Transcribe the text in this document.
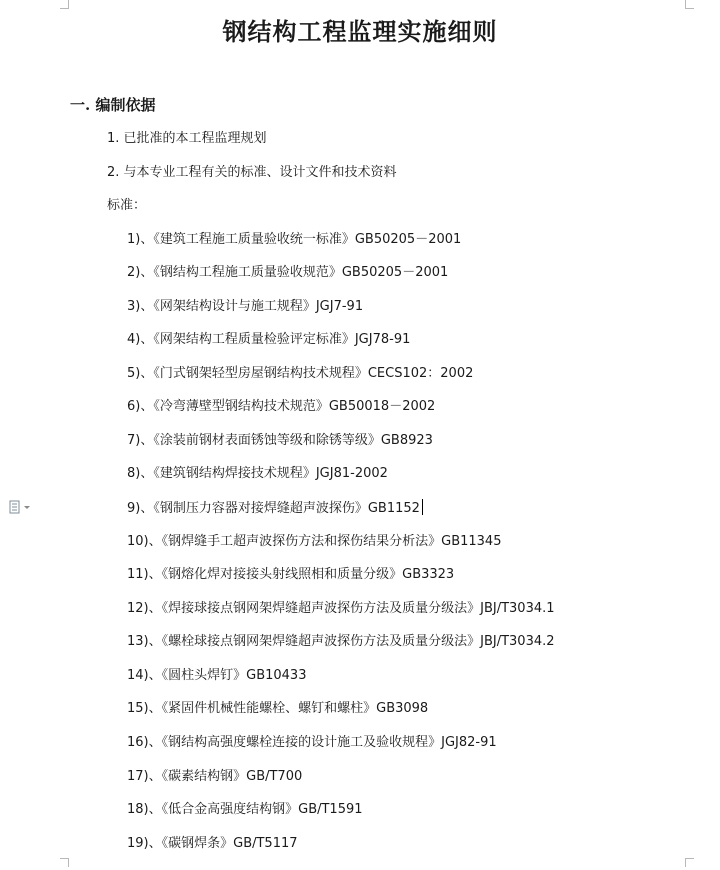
钢结构工程监理实施细则
一. 编制依据
1. 已批准的本工程监理规划
2. 与本专业工程有关的标准、设计文件和技术资料
标准：
1)、《建筑工程施工质量验收统一标准》GB50205－2001
2)、《钢结构工程施工质量验收规范》GB50205－2001
3)、《网架结构设计与施工规程》JGJ7-91
4)、《网架结构工程质量检验评定标准》JGJ78-91
5)、《门式钢架轻型房屋钢结构技术规程》CECS102：2002
6)、《冷弯薄壁型钢结构技术规范》GB50018－2002
7)、《涂装前钢材表面锈蚀等级和除锈等级》GB8923
8)、《建筑钢结构焊接技术规程》JGJ81-2002
9)、《钢制压力容器对接焊缝超声波探伤》GB1152
10)、《钢焊缝手工超声波探伤方法和探伤结果分析法》GB11345
11)、《钢熔化焊对接接头射线照相和质量分级》GB3323
12)、《焊接球接点钢网架焊缝超声波探伤方法及质量分级法》JBJ/T3034.1
13)、《螺栓球接点钢网架焊缝超声波探伤方法及质量分级法》JBJ/T3034.2
14)、《圆柱头焊钉》GB10433
15)、《紧固件机械性能螺栓、螺钉和螺柱》GB3098
16)、《钢结构高强度螺栓连接的设计施工及验收规程》JGJ82-91
17)、《碳素结构钢》GB/T700
18)、《低合金高强度结构钢》GB/T1591
19)、《碳钢焊条》GB/T5117
